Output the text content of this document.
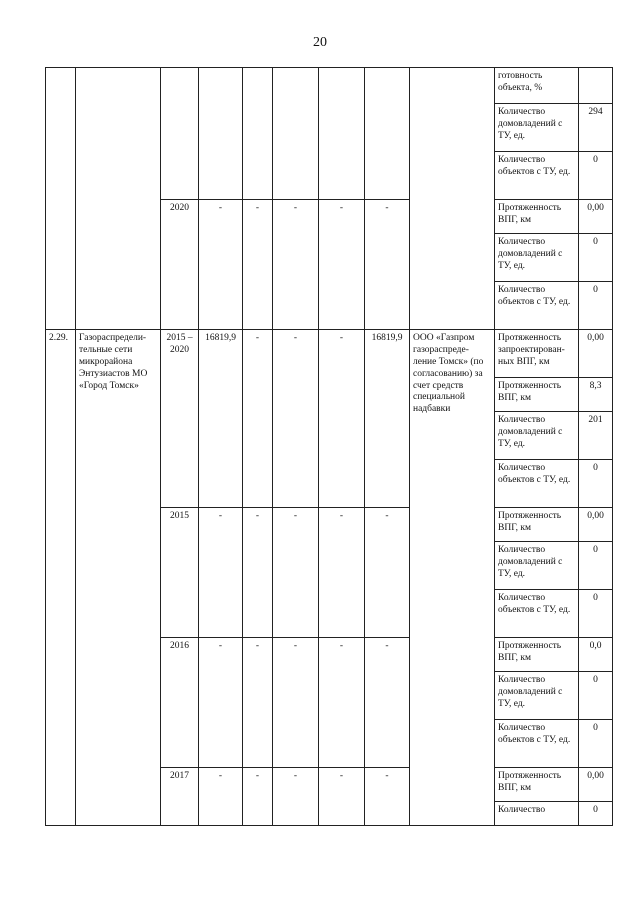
20
									готовность объекта, %	
									Количество домовладений с ТУ, ед.	294
									Количество объектов с ТУ, ед.	0
		2020	-	-	-	-	-		Протяженность ВПГ, км	0,00
									Количество домовладений с ТУ, ед.	0
									Количество объектов с ТУ, ед.	0
2.29.	Газораспредели-тельные сети микрорайона Энтузиастов МО «Город Томск»	2015 – 2020	16819,9	-	-	-	16819,9	ООО «Газпром газораспреде-ление Томск» (по согласованию) за счет средств специальной надбавки	Протяженность запроектирован-ных ВПГ, км	0,00
									Протяженность ВПГ, км	8,3
									Количество домовладений с ТУ, ед.	201
									Количество объектов с ТУ, ед.	0
		2015	-	-	-	-	-		Протяженность ВПГ, км	0,00
									Количество домовладений с ТУ, ед.	0
									Количество объектов с ТУ, ед.	0
		2016	-	-	-	-	-		Протяженность ВПГ, км	0,0
									Количество домовладений с ТУ, ед.	0
									Количество объектов с ТУ, ед.	0
		2017	-	-	-	-	-		Протяженность ВПГ, км	0,00
									Количество	0
